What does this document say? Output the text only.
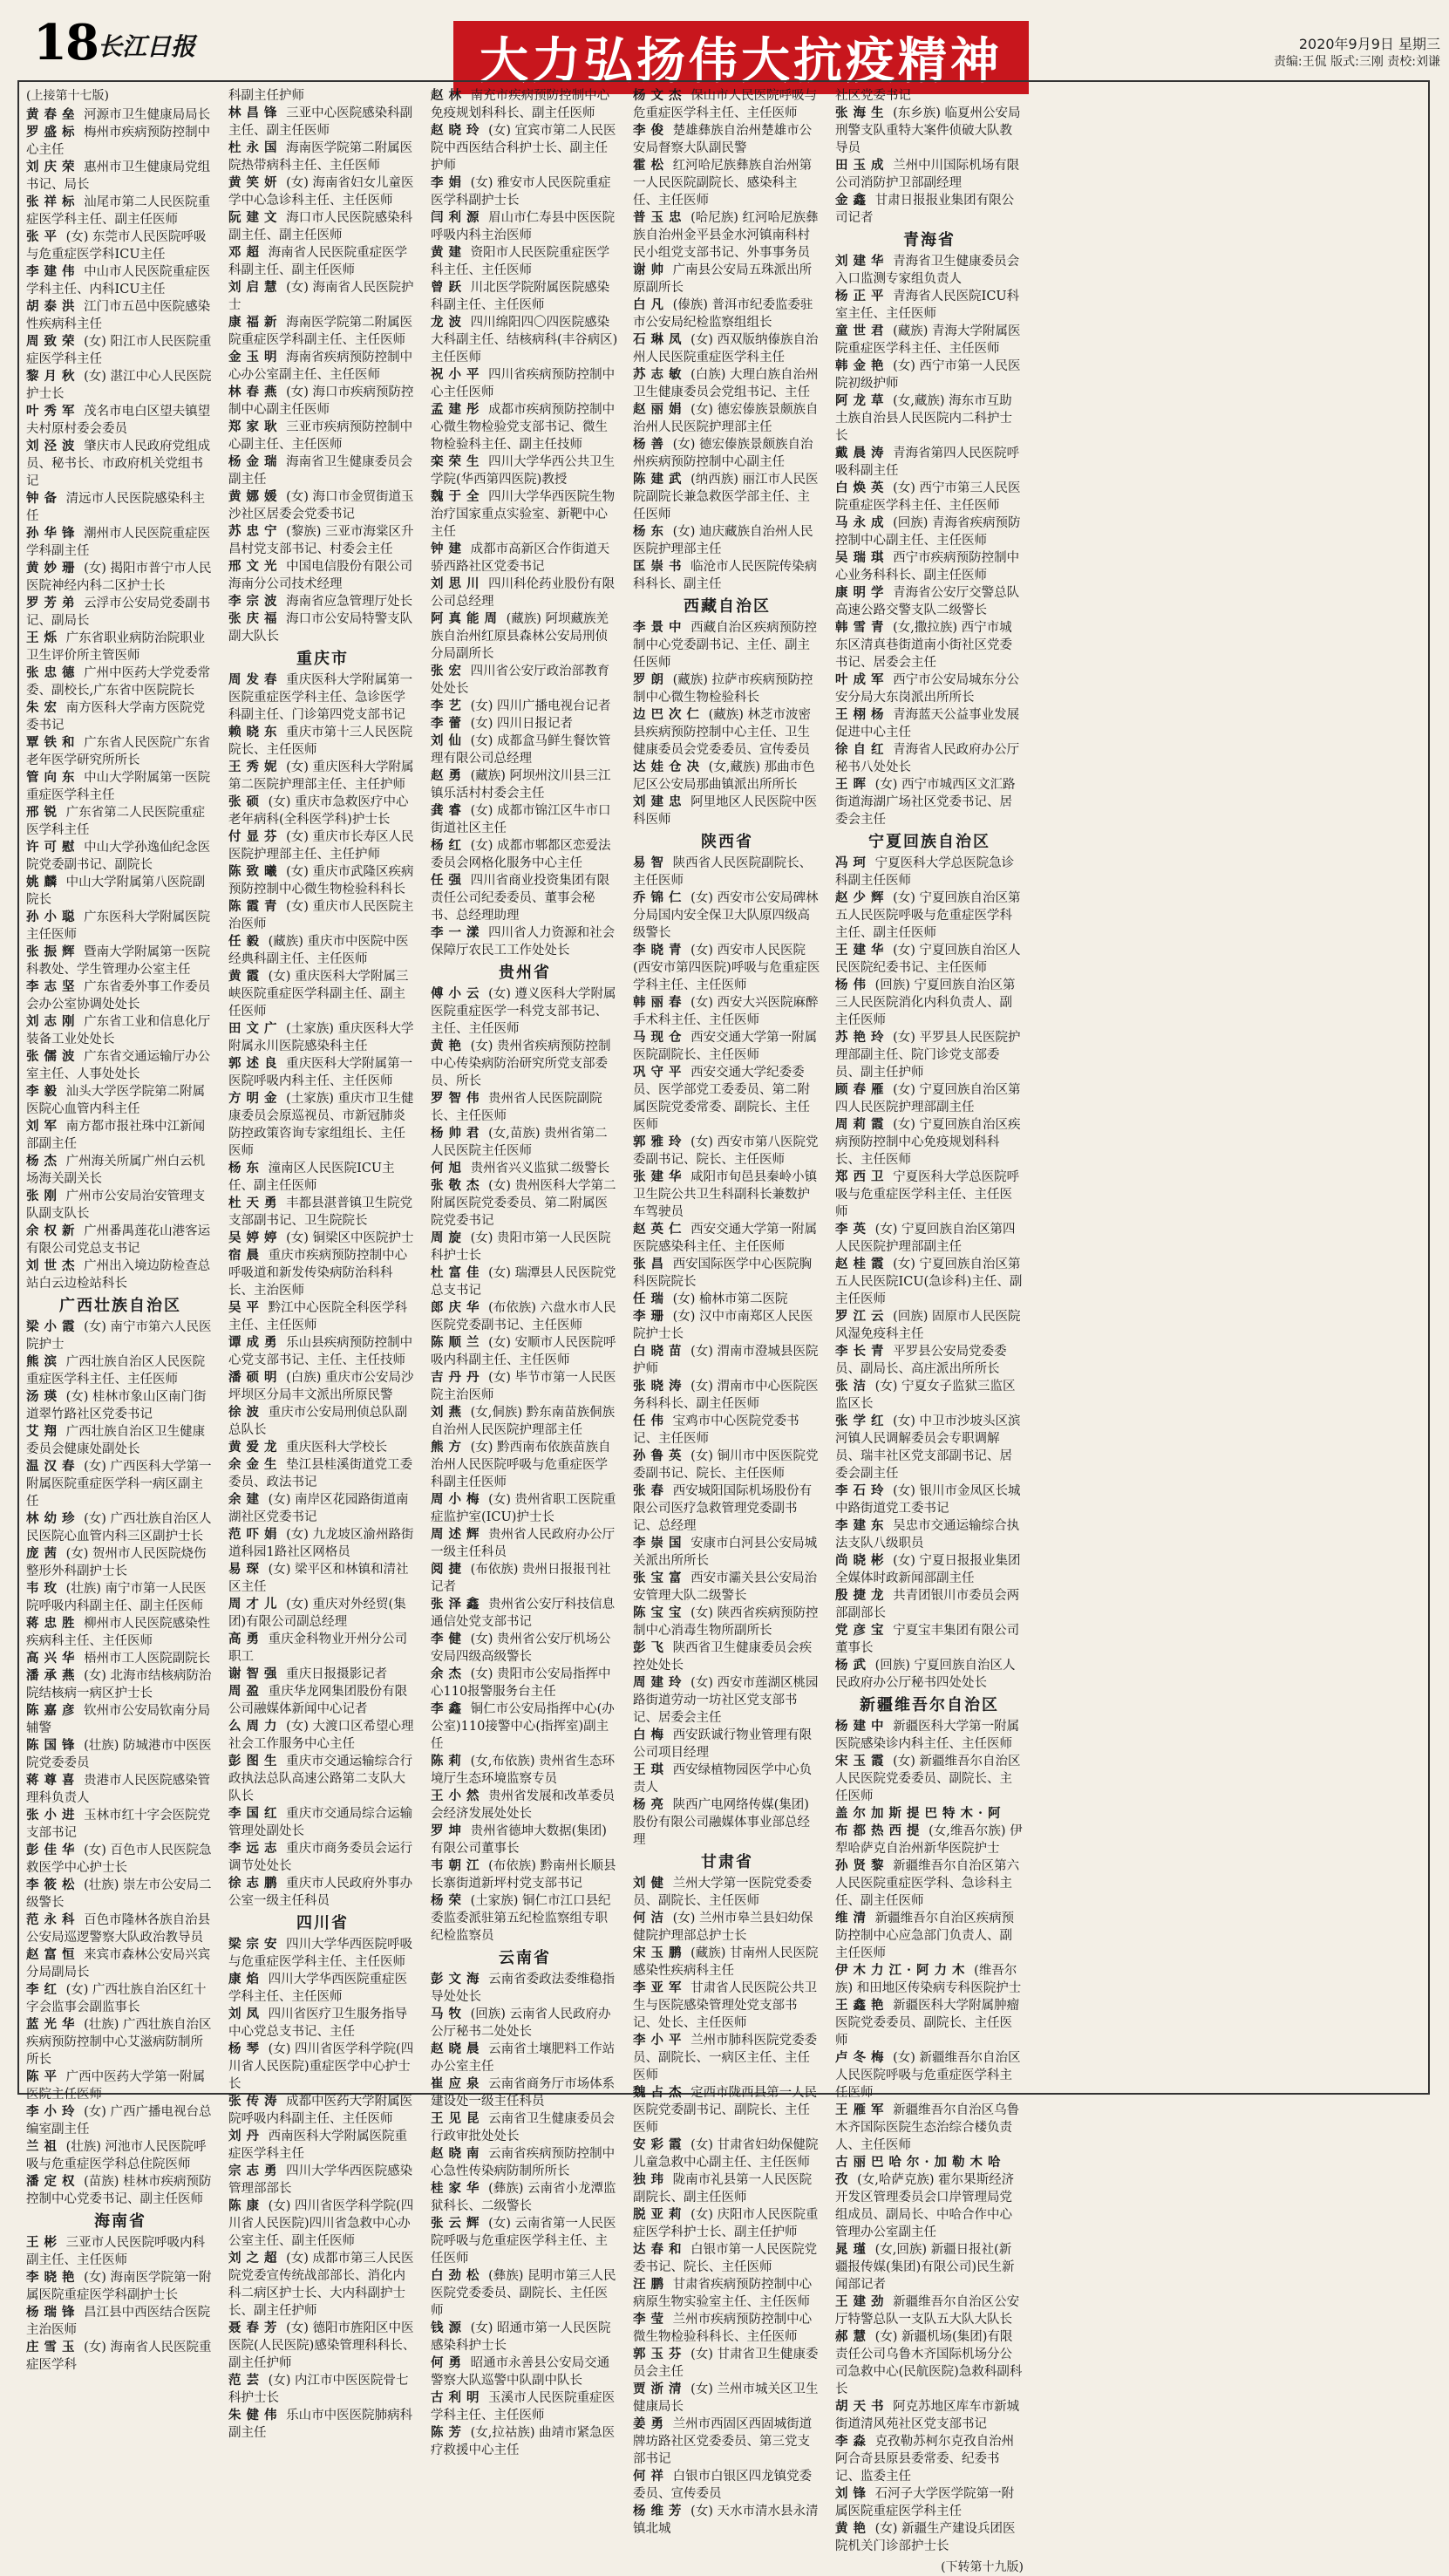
18 长江日报	大力弘扬伟大抗疫精神	2020年9月9日 星期三
责编:王侃 版式:三刚 责校:刘谦
(上接第十七版)
黄春垒 河源市卫生健康局局长
罗盛标 梅州市疾病预防控制中心主任
刘庆荣 惠州市卫生健康局党组书记、局长
张祥标 汕尾市第二人民医院重症医学科主任、副主任医师
张平 (女) 东莞市人民医院呼吸与危重症医学科ICU主任
李建伟 中山市人民医院重症医学科主任、内科ICU主任
胡泰洪 江门市五邑中医院感染性疾病科主任
周致荣 (女) 阳江市人民医院重症医学科主任
黎月秋 (女) 湛江中心人民医院护士长
叶秀军 茂名市电白区望夫镇望夫村原村委会委员
刘泾波 肇庆市人民政府党组成员、秘书长、市政府机关党组书记
钟备 清远市人民医院感染科主任
孙华锋 潮州市人民医院重症医学科副主任
黄妙珊 (女) 揭阳市普宁市人民医院神经内科二区护士长
罗芳弟 云浮市公安局党委副书记、副局长
王烁 广东省职业病防治院职业卫生评价所主管医师
张忠德 广州中医药大学党委常委、副校长,广东省中医院院长
朱宏 南方医科大学南方医院党委书记
覃铁和 广东省人民医院广东省老年医学研究所所长
管向东 中山大学附属第一医院重症医学科主任
邢锐 广东省第二人民医院重症医学科主任
许可慰 中山大学孙逸仙纪念医院党委副书记、副院长
姚麟 中山大学附属第八医院副院长
孙小聪 广东医科大学附属医院主任医师
张振辉 暨南大学附属第一医院科教处、学生管理办公室主任
李志坚 广东省委外事工作委员会办公室协调处处长
刘志刚 广东省工业和信息化厅装备工业处处长
张儒波 广东省交通运输厅办公室主任、人事处处长
李毅 汕头大学医学院第二附属医院心血管内科主任
刘军 南方都市报社珠中江新闻部副主任
杨杰 广州海关所属广州白云机场海关副关长
张刚 广州市公安局治安管理支队副支队长
余权新 广州番禺莲花山港客运有限公司党总支书记
刘世杰 广州出入境边防检查总站白云边检站科长
广西壮族自治区
梁小霞 (女) 南宁市第六人民医院护士
熊滨 广西壮族自治区人民医院重症医学科主任、主任医师
汤瑛 (女) 桂林市象山区南门街道翠竹路社区党委书记
艾翔 广西壮族自治区卫生健康委员会健康处副处长
温汉春 (女) 广西医科大学第一附属医院重症医学科一病区副主任
林幼珍 (女) 广西壮族自治区人民医院心血管内科三区副护士长
庞茜 (女) 贺州市人民医院烧伤整形外科副护士长
韦玫 (壮族) 南宁市第一人民医院呼吸内科副主任、副主任医师
蒋忠胜 柳州市人民医院感染性疾病科主任、主任医师
高兴华 梧州市工人医院副院长
潘承燕 (女) 北海市结核病防治院结核病一病区护士长
陈嘉彦 钦州市公安局钦南分局辅警
陈国锋 (壮族) 防城港市中医医院党委委员
蒋尊喜 贵港市人民医院感染管理科负责人
张小进 玉林市红十字会医院党支部书记
彭佳华 (女) 百色市人民医院急救医学中心护士长
李筱松 (壮族) 崇左市公安局二级警长
范永科 百色市隆林各族自治县公安局巡逻警察大队政治教导员
赵富恒 来宾市森林公安局兴宾分局副局长
李红 (女) 广西壮族自治区红十字会监事会副监事长
蓝光华 (壮族) 广西壮族自治区疾病预防控制中心艾滋病防制所所长
陈平 广西中医药大学第一附属医院主任医师
李小玲 (女) 广西广播电视台总编室副主任
兰祖 (壮族) 河池市人民医院呼吸与危重症医学科总住院医师
潘定权 (苗族) 桂林市疾病预防控制中心党委书记、副主任医师
海南省
王彬 三亚市人民医院呼吸内科副主任、主任医师
李晓艳 (女) 海南医学院第一附属医院重症医学科副护士长
杨瑞锋 昌江县中西医结合医院主治医师
庄雪玉 (女) 海南省人民医院重症医学科
科副主任护师
林昌锋 三亚中心医院感染科副主任、副主任医师
杜永国 海南医学院第二附属医院热带病科主任、主任医师
黄笑妍 (女) 海南省妇女儿童医学中心急诊科主任、主任医师
阮建文 海口市人民医院感染科副主任、副主任医师
邓超 海南省人民医院重症医学科副主任、副主任医师
刘启慧 (女) 海南省人民医院护士
康福新 海南医学院第二附属医院重症医学科副主任、主任医师
金玉明 海南省疾病预防控制中心办公室副主任、主任医师
林春燕 (女) 海口市疾病预防控制中心副主任医师
郑家耿 三亚市疾病预防控制中心副主任、主任医师
杨金瑞 海南省卫生健康委员会副主任
黄娜媛 (女) 海口市金贸街道玉沙社区居委会党委书记
苏忠宁 (黎族) 三亚市海棠区升昌村党支部书记、村委会主任
邢文光 中国电信股份有限公司海南分公司技术经理
李宗波 海南省应急管理厅处长
张庆福 海口市公安局特警支队副大队长
重庆市
周发春 重庆医科大学附属第一医院重症医学科主任、急诊医学科副主任、门诊第四党支部书记
赖晓东 重庆市第十三人民医院院长、主任医师
王秀妮 (女) 重庆医科大学附属第二医院护理部主任、主任护师
张硕 (女) 重庆市急救医疗中心老年病科(全科医学科)护士长
付显芬 (女) 重庆市长寿区人民医院护理部主任、主任护师
陈致曦 (女) 重庆市武隆区疾病预防控制中心微生物检验科科长
陈霞青 (女) 重庆市人民医院主治医师
任毅 (藏族) 重庆市中医院中医经典科副主任、主任医师
黄霞 (女) 重庆医科大学附属三峡医院重症医学科副主任、副主任医师
田文广 (土家族) 重庆医科大学附属永川医院感染科主任
郭述良 重庆医科大学附属第一医院呼吸内科主任、主任医师
方明金 (土家族) 重庆市卫生健康委员会原巡视员、市新冠肺炎防控政策咨询专家组组长、主任医师
杨东 潼南区人民医院ICU主任、副主任医师
杜天勇 丰都县湛普镇卫生院党支部副书记、卫生院院长
吴婷婷 (女) 铜梁区中医院护士
宿晨 重庆市疾病预防控制中心呼吸道和新发传染病防治科科长、主治医师
吴平 黔江中心医院全科医学科主任、主任医师
谭成勇 乐山县疾病预防控制中心党支部书记、主任、主任技师
潘硕明 (白族) 重庆市公安局沙坪坝区分局丰文派出所原民警
徐波 重庆市公安局刑侦总队副总队长
黄爱龙 重庆医科大学校长
余金生 垫江县桂溪街道党工委委员、政法书记
余建 (女) 南岸区花园路街道南湖社区党委书记
范吓娟 (女) 九龙坡区渝州路街道科园1路社区网格员
易琛 (女) 梁平区和林镇和清社区主任
周才儿 (女) 重庆对外经贸(集团)有限公司副总经理
高勇 重庆金科物业开州分公司职工
谢智强 重庆日报摄影记者
周盈 重庆华龙网集团股份有限公司融媒体新闻中心记者
么周力 (女) 大渡口区希望心理社会工作服务中心主任
彭图生 重庆市交通运输综合行政执法总队高速公路第二支队大队长
李国红 重庆市交通局综合运输管理处副处长
李远志 重庆市商务委员会运行调节处处长
徐志鹏 重庆市人民政府外事办公室一级主任科员
四川省
梁宗安 四川大学华西医院呼吸与危重症医学科主任、主任医师
康焰 四川大学华西医院重症医学科主任、主任医师
刘凤 四川省医疗卫生服务指导中心党总支书记、主任
杨琴 (女) 四川省医学科学院(四川省人民医院)重症医学中心护士长
张传涛 成都中医药大学附属医院呼吸内科副主任、主任医师
刘丹 西南医科大学附属医院重症医学科主任
宗志勇 四川大学华西医院感染管理部部长
陈康 (女) 四川省医学科学院(四川省人民医院)四川省急救中心办公室主任、副主任医师
刘之超 (女) 成都市第三人民医院党委宣传统战部部长、消化内科二病区护士长、大内科副护士长、副主任护师
聂春芳 (女) 德阳市旌阳区中医医院(人民医院)感染管理科科长、副主任护师
范芸 (女) 内江市中医医院骨七科护士长
朱健伟 乐山市中医医院肺病科副主任
赵林 南充市疾病预防控制中心免疫规划科科长、副主任医师
赵晓玲 (女) 宜宾市第二人民医院中西医结合科护士长、副主任护师
李娟 (女) 雅安市人民医院重症医学科副护士长
闫利源 眉山市仁寿县中医医院呼吸内科主治医师
黄建 资阳市人民医院重症医学科主任、主任医师
曾跃 川北医学院附属医院感染科副主任、主任医师
龙波 四川绵阳四〇四医院感染大科副主任、结核病科(丰谷病区)主任医师
祝小平 四川省疾病预防控制中心主任医师
孟建彤 成都市疾病预防控制中心微生物检验党支部书记、微生物检验科主任、副主任技师
栾荣生 四川大学华西公共卫生学院(华西第四医院)教授
魏于全 四川大学华西医院生物治疗国家重点实验室、新靶中心主任
钟建 成都市高新区合作街道天骄西路社区党委书记
刘思川 四川科伦药业股份有限公司总经理
阿真能周 (藏族) 阿坝藏族羌族自治州红原县森林公安局刑侦分局副所长
张宏 四川省公安厅政治部教育处处长
李艺 (女) 四川广播电视台记者
李蕾 (女) 四川日报记者
刘仙 (女) 成都盒马鲜生餐饮管理有限公司总经理
赵勇 (藏族) 阿坝州汶川县三江镇乐活村村委会主任
龚睿 (女) 成都市锦江区牛市口街道社区主任
杨红 (女) 成都市郫都区恋爱法委员会网格化服务中心主任
任强 四川省商业投资集团有限责任公司纪委委员、董事会秘书、总经理助理
李一漾 四川省人力资源和社会保障厅农民工工作处处长
贵州省
傅小云 (女) 遵义医科大学附属医院重症医学一科党支部书记、主任、主任医师
黄艳 (女) 贵州省疾病预防控制中心传染病防治研究所党支部委员、所长
罗智伟 贵州省人民医院副院长、主任医师
杨帅君 (女,苗族) 贵州省第二人民医院主任医师
何旭 贵州省兴义监狱二级警长
张敬杰 (女) 贵州医科大学第二附属医院党委委员、第二附属医院党委书记
周旋 (女) 贵阳市第一人民医院科护士长
杜富佳 (女) 瑞潭县人民医院党总支书记
郎庆华 (布依族) 六盘水市人民医院党委副书记、主任医师
陈顺兰 (女) 安顺市人民医院呼吸内科副主任、主任医师
吉丹丹 (女) 毕节市第一人民医院主治医师
刘燕 (女,侗族) 黔东南苗族侗族自治州人民医院护理部主任
熊方 (女) 黔西南布依族苗族自治州人民医院呼吸与危重症医学科副主任医师
周小梅 (女) 贵州省职工医院重症监护室(ICU)护士长
周述辉 贵州省人民政府办公厅一级主任科员
阅捷 (布依族) 贵州日报报刊社记者
张泽鑫 贵州省公安厅科技信息通信处党支部书记
李健 (女) 贵州省公安厅机场公安局四级高级警长
余杰 (女) 贵阳市公安局指挥中心110报警服务台主任
李鑫 铜仁市公安局指挥中心(办公室)110接警中心(指挥室)副主任
陈莉 (女,布依族) 贵州省生态环境厅生态环境监察专员
王小然 贵州省发展和改革委员会经济发展处处长
罗坤 贵州省德坤大数据(集团)有限公司董事长
韦朝江 (布依族) 黔南州长顺县长寨街道新坪村党支部书记
杨荣 (土家族) 铜仁市江口县纪委监委派驻第五纪检监察组专职纪检监察员
云南省
彭文海 云南省委政法委维稳指导处处长
马牧 (回族) 云南省人民政府办公厅秘书二处处长
赵晓晨 云南省土壤肥料工作站办公室主任
崔应泉 云南省商务厅市场体系建设处一级主任科员
王见昆 云南省卫生健康委员会行政审批处处长
赵晓南 云南省疾病预防控制中心急性传染病防制所所长
桂家华 (彝族) 云南省小龙潭监狱科长、二级警长
张云辉 (女) 云南省第一人民医院呼吸与危重症医学科主任、主任医师
白劲松 (彝族) 昆明市第三人民医院党委委员、副院长、主任医师
钱源 (女) 昭通市第一人民医院感染科护士长
何勇 昭通市永善县公安局交通警察大队巡警中队副中队长
古利明 玉溪市人民医院重症医学科主任、主任医师
陈芳 (女,拉祜族) 曲靖市紧急医疗救援中心主任
杨文杰 保山市人民医院呼吸与危重症医学科主任、主任医师
李俊 楚雄彝族自治州楚雄市公安局督察大队副民警
霍松 红河哈尼族彝族自治州第一人民医院副院长、感染科主任、主任医师
普玉忠 (哈尼族) 红河哈尼族彝族自治州金平县金水河镇南科村民小组党支部书记、外事事务员
谢帅 广南县公安局五珠派出所原副所长
白凡 (傣族) 普洱市纪委监委驻市公安局纪检监察组组长
石琳凤 (女) 西双版纳傣族自治州人民医院重症医学科主任
苏志敏 (白族) 大理白族自治州卫生健康委员会党组书记、主任
赵丽娟 (女) 德宏傣族景颇族自治州人民医院护理部主任
杨善 (女) 德宏傣族景颇族自治州疾病预防控制中心副主任
陈建武 (纳西族) 丽江市人民医院副院长兼急救医学部主任、主任医师
杨东 (女) 迪庆藏族自治州人民医院护理部主任
匡崇书 临沧市人民医院传染病科科长、副主任
西藏自治区
李景中 西藏自治区疾病预防控制中心党委副书记、主任、副主任医师
罗朗 (藏族) 拉萨市疾病预防控制中心微生物检验科长
边巴次仁 (藏族) 林芝市波密县疾病预防控制中心主任、卫生健康委员会党委委员、宣传委员
达娃仓决 (女,藏族) 那曲市色尼区公安局那曲镇派出所所长
刘建忠 阿里地区人民医院中医科医师
陕西省
易智 陕西省人民医院副院长、主任医师
乔锦仁 (女) 西安市公安局碑林分局国内安全保卫大队原四级高级警长
李晓青 (女) 西安市人民医院(西安市第四医院)呼吸与危重症医学科主任、主任医师
韩丽春 (女) 西安大兴医院麻醉手术科主任、主任医师
马现仓 西安交通大学第一附属医院副院长、主任医师
巩守平 西安交通大学纪委委员、医学部党工委委员、第二附属医院党委常委、副院长、主任医师
郭雅玲 (女) 西安市第八医院党委副书记、院长、主任医师
张建华 咸阳市旬邑县秦岭小镇卫生院公共卫生科副科长兼数护车驾驶员
赵英仁 西安交通大学第一附属医院感染科主任、主任医师
张昌 西安国际医学中心医院胸科医院院长
任瑞 (女) 榆林市第二医院
李珊 (女) 汉中市南郑区人民医院护士长
白晓苗 (女) 渭南市澄城县医院护师
张晓涛 (女) 渭南市中心医院医务科科长、副主任医师
任伟 宝鸡市中心医院党委书记、主任医师
孙鲁英 (女) 铜川市中医医院党委副书记、院长、主任医师
张春 西安城阳国际机场股份有限公司医疗急救管理党委副书记、总经理
李崇国 安康市白河县公安局城关派出所所长
张宝富 西安市灞关县公安局治安管理大队二级警长
陈宝宝 (女) 陕西省疾病预防控制中心消毒生物所副所长
彭飞 陕西省卫生健康委员会疾控处处长
周建玲 (女) 西安市莲湖区桃园路街道劳动一坊社区党支部书记、居委会主任
白梅 西安跃诚行物业管理有限公司项目经理
王琪 西安绿植物园医学中心负责人
杨亮 陕西广电网络传媒(集团)股份有限公司融媒体事业部总经理
甘肃省
刘健 兰州大学第一医院党委委员、副院长、主任医师
何洁 (女) 兰州市皋兰县妇幼保健院护理部总护士长
宋玉鹏 (藏族) 甘南州人民医院感染性疾病科主任
李亚军 甘肃省人民医院公共卫生与医院感染管理处党支部书记、处长、主任医师
李小平 兰州市肺科医院党委委员、副院长、一病区主任、主任医师
魏占杰 定西市陇西县第一人民医院党委副书记、副院长、主任医师
安彩霞 (女) 甘肃省妇幼保健院儿童急救中心副主任、主任医师
独玮 陇南市礼县第一人民医院副院长、副主任医师
脱亚莉 (女) 庆阳市人民医院重症医学科护士长、副主任护师
达春和 白银市第一人民医院党委书记、院长、主任医师
汪鹏 甘肃省疾病预防控制中心病原生物实验室主任、主任医师
李莹 兰州市疾病预防控制中心微生物检验科科长、主任医师
郭玉芬 (女) 甘肃省卫生健康委员会主任
贾浙清 (女) 兰州市城关区卫生健康局长
姜勇 兰州市西固区西固城街道牌坊路社区党委委员、第三党支部书记
何祥 白银市白银区四龙镇党委委员、宣传委员
杨维芳 (女) 天水市清水县永清镇北城
社区党委书记
张海生 (东乡族) 临夏州公安局刑警支队重特大案件侦破大队教导员
田玉成 兰州中川国际机场有限公司消防护卫部副经理
金鑫 甘肃日报报业集团有限公司记者
青海省
刘建华 青海省卫生健康委员会入口监测专家组负责人
杨正平 青海省人民医院ICU科室主任、主任医师
童世君 (藏族) 青海大学附属医院重症医学科主任、主任医师
韩金艳 (女) 西宁市第一人民医院初级护师
阿龙草 (女,藏族) 海东市互助土族自治县人民医院内二科护士长
戴晨涛 青海省第四人民医院呼吸科副主任
白焕英 (女) 西宁市第三人民医院重症医学科主任、主任医师
马永成 (回族) 青海省疾病预防控制中心副主任、主任医师
吴瑞琪 西宁市疾病预防控制中心业务科科长、副主任医师
康明学 青海省公安厅交警总队高速公路交警支队二级警长
韩雪青 (女,撒拉族) 西宁市城东区清真巷街道南小街社区党委书记、居委会主任
叶成军 西宁市公安局城东分公安分局大东岗派出所所长
王栩杨 青海蓝天公益事业发展促进中心主任
徐自红 青海省人民政府办公厅秘书八处处长
王晖 (女) 西宁市城西区文汇路街道海湖广场社区党委书记、居委会主任
宁夏回族自治区
冯珂 宁夏医科大学总医院急诊科副主任医师
赵少辉 (女) 宁夏回族自治区第五人民医院呼吸与危重症医学科主任、副主任医师
王建华 (女) 宁夏回族自治区人民医院纪委书记、主任医师
杨伟 (回族) 宁夏回族自治区第三人民医院消化内科负责人、副主任医师
苏艳玲 (女) 平罗县人民医院护理部副主任、院门诊党支部委员、副主任护师
顾春雁 (女) 宁夏回族自治区第四人民医院护理部副主任
周莉霞 (女) 宁夏回族自治区疾病预防控制中心免疫规划科科长、主任医师
郑西卫 宁夏医科大学总医院呼吸与危重症医学科主任、主任医师
李英 (女) 宁夏回族自治区第四人民医院护理部副主任
赵桂霞 (女) 宁夏回族自治区第五人民医院ICU(急诊科)主任、副主任医师
罗江云 (回族) 固原市人民医院风湿免疫科主任
李长青 平罗县公安局党委委员、副局长、高庄派出所所长
张洁 (女) 宁夏女子监狱三监区监区长
张学红 (女) 中卫市沙坡头区滨河镇人民调解委员会专职调解员、瑞丰社区党支部副书记、居委会副主任
李石玲 (女) 银川市金凤区长城中路街道党工委书记
李建东 吴忠市交通运输综合执法支队八级职员
尚晓彬 (女) 宁夏日报报业集团全媒体时政新闻部副主任
殷捷龙 共青团银川市委员会两部副部长
党彦宝 宁夏宝丰集团有限公司董事长
杨武 (回族) 宁夏回族自治区人民政府办公厅秘书四处处长
新疆维吾尔自治区
杨建中 新疆医科大学第一附属医院感染诊内科主任、主任医师
宋玉霞 (女) 新疆维吾尔自治区人民医院党委委员、副院长、主任医师
盖尔加斯提巴特木·阿布都热西提 (女,维吾尔族) 伊犁哈萨克自治州新华医院护士
孙贤黎 新疆维吾尔自治区第六人民医院重症医学科、急诊科主任、副主任医师
维清 新疆维吾尔自治区疾病预防控制中心应急部门负责人、副主任医师
伊木力江·阿力木 (维吾尔族) 和田地区传染病专科医院护士
王鑫艳 新疆医科大学附属肿瘤医院党委委员、副院长、主任医师
卢冬梅 (女) 新疆维吾尔自治区人民医院呼吸与危重症医学科主任医师
王雁军 新疆维吾尔自治区乌鲁木齐国际医院生态治综合楼负责人、主任医师
古丽巴哈尔·加勒木哈孜 (女,哈萨克族) 霍尔果斯经济开发区管理委员会口岸管理局党组成员、副局长、中哈合作中心管理办公室副主任
晁瑾 (女,回族) 新疆日报社(新疆报传媒(集团)有限公司)民生新闻部记者
王建劲 新疆维吾尔自治区公安厅特警总队一支队五大队大队长
郝慧 (女) 新疆机场(集团)有限责任公司乌鲁木齐国际机场分公司急救中心(民航医院)急救科副科长
胡天书 阿克苏地区库车市新城街道清风苑社区党支部书记
李淼 克孜勒苏柯尔克孜自治州阿合奇县原县委常委、纪委书记、监委主任
刘锋 石河子大学医学院第一附属医院重症医学科主任
黄艳 (女) 新疆生产建设兵团医院机关门诊部护士长
(下转第十九版)
